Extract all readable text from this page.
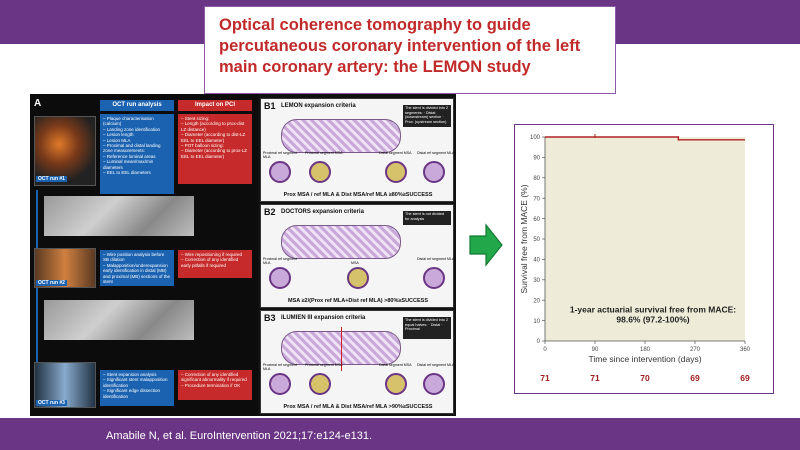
Optical coherence tomography to guide percutaneous coronary intervention of the left main coronary artery: the LEMON study
A	OCT run analysis	Impact on PCI
OCT run #1
– Plaque characterisation (calcium)
– Landing zone identification
– Lesion length
– Lesion MLA
– Proximal and distal landing zone measurements:
– Reference luminal areas
– Luminal mean/max/min diameters
– EEL to EEL diameters
– Stent sizing:
– Length (according to prox-dist LZ distance)
– Diameter (according to dist-LZ EEL to EEL diameter)
– POT balloon sizing:
– Diameter (according to prox-LZ EEL to EEL diameter)
OCT run #2
– Wire position analysis before SB dilation
– Malapposition/underexpansion early identification in distal (MB) and proximal (MB) sections of the stent
– Wire repositioning if required
– Correction of any identified early pitfalls if required
OCT run #3
– Stent expansion analysis
– Significant stent malapposition identification
– Significant edge dissection identification
– Correction of any identified significant abnormality if required
– Procedure termination if OK
B1 LEMON expansion criteria	The stent is divided into 2 segments: · Distal (downstream) section · Prox. (upstream section)
Proximal ref segment MLA
Proximal segment MSA	Distal segment MSA	Distal ref segment MLA
Prox MSA / ref MLA & Dist MSA/ref MLA ≥80%≥SUCCESS
B2 DOCTORS expansion criteria	The stent is not divided for analysis
Proximal ref segment MLA	MSA
Distal ref segment MLA
MSA ≥2/(Prox ref MLA+Dist ref MLA) >80%≥SUCCESS
B3 ILUMIEN III expansion criteria	The stent is divided into 2 equal halves: · Distal · Proximal
Proximal ref segment MLA
Proximal segment MSA	Distal segment MSA	Distal ref segment MLA
Prox MSA / ref MLA & Dist MSA/ref MLA >90%≥SUCCESS
0
10
20
30
40
50
60
70
80
90
100
0	90	180	270	360
Survival free from MACE (%)
Time since intervention (days)
1-year actuarial survival free from MACE:
98.6% (97.2-100%)
71	71	70	69	69
Amabile N, et al. EuroIntervention 2021;17:e124-e131.
